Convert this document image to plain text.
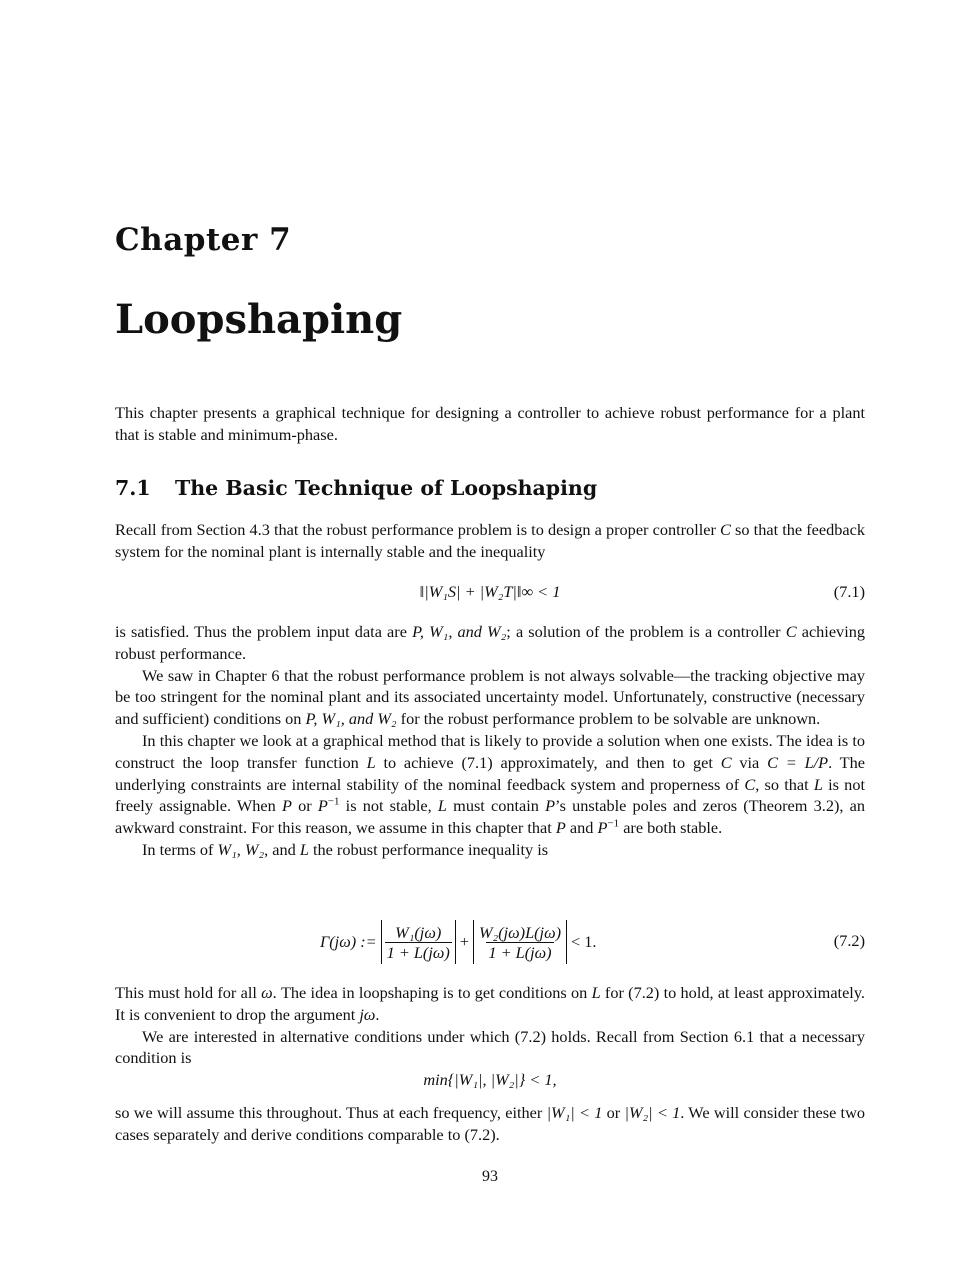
Chapter 7
Loopshaping

This chapter presents a graphical technique for designing a controller to achieve robust performance for a plant that is stable and minimum-phase.

7.1 The Basic Technique of Loopshaping

Recall from Section 4.3 that the robust performance problem is to design a proper controller C so that the feedback system for the nominal plant is internally stable and the inequality

‖|W₁S| + |W₂T|‖∞ < 1	(7.1)

is satisfied. Thus the problem input data are P, W₁, and W₂; a solution of the problem is a controller C achieving robust performance.

We saw in Chapter 6 that the robust performance problem is not always solvable—the tracking objective may be too stringent for the nominal plant and its associated uncertainty model. Unfortunately, constructive (necessary and sufficient) conditions on P, W₁, and W₂ for the robust performance problem to be solvable are unknown.

In this chapter we look at a graphical method that is likely to provide a solution when one exists. The idea is to construct the loop transfer function L to achieve (7.1) approximately, and then to get C via C = L/P. The underlying constraints are internal stability of the nominal feedback system and properness of C, so that L is not freely assignable. When P or $P^{-1}$ is not stable, L must contain P’s unstable poles and zeros (Theorem 3.2), an awkward constraint. For this reason, we assume in this chapter that P and $P^{-1}$ are both stable.

In terms of W₁, W₂, and L the robust performance inequality is

Γ(jω) := $\frac{\text{W₁(jω)}}{1 + L(j\omega)} + \frac{\text{W₂(jω)L(jω)}}{1 + L(j\omega)} < 1$.	(7.2)

This must hold for all ω. The idea in loopshaping is to get conditions on L for (7.2) to hold, at least approximately. It is convenient to drop the argument jω.

We are interested in alternative conditions under which (7.2) holds. Recall from Section 6.1 that a necessary condition is

min{|W₁|, |W₂|} < 1,

so we will assume this throughout. Thus at each frequency, either |W₁| < 1 or |W₂| < 1. We will consider these two cases separately and derive conditions comparable to (7.2).

93
